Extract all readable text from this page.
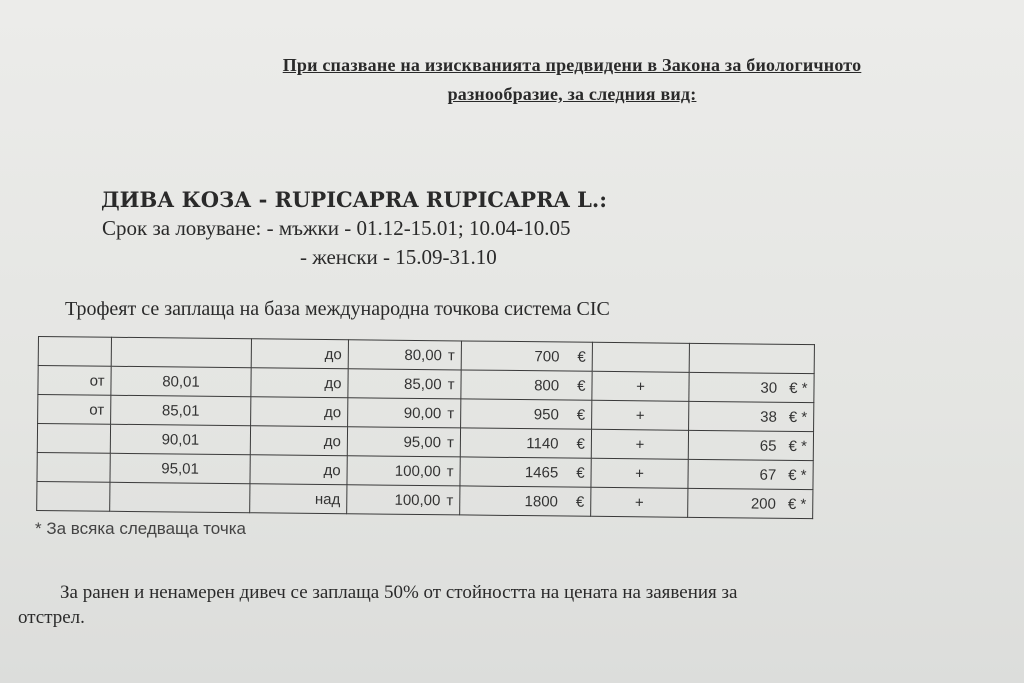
При спазване на изискванията предвидени в Закона за биологичното
разнообразие, за следния вид:
ДИВА КОЗА - RUPICAPRA RUPICAPRA L.:
Срок за ловуване: - мъжки - 01.12-15.01; 10.04-10.05
- женски - 15.09-31.10
Трофеят се заплаща на база международна точкова система CIC
		до	80,00 т	700 €		
от	80,01	до	85,00 т	800 €	+	30 € *
от	85,01	до	90,00 т	950 €	+	38 € *
	90,01	до	95,00 т	1140 €	+	65 € *
	95,01	до	100,00 т	1465 €	+	67 € *
		над	100,00 т	1800 €	+	200 € *
* За всяка следваща точка
За ранен и ненамерен дивеч се заплаща 50% от стойността на цената на заявения за
отстрел.
